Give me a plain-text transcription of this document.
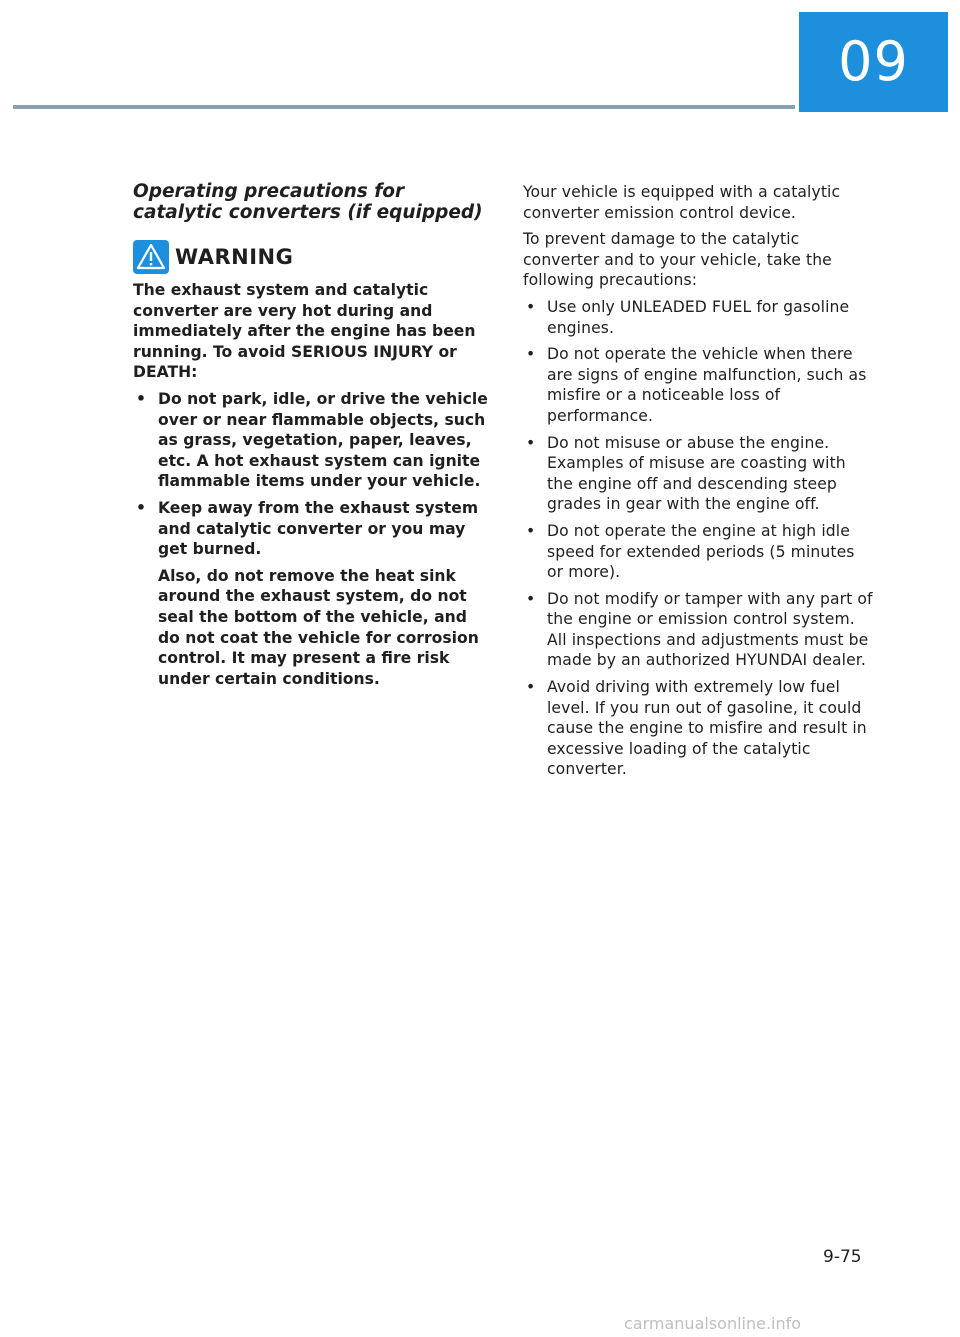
09
Operating precautions for catalytic converters (if equipped)
WARNING

The exhaust system and catalytic converter are very hot during and immediately after the engine has been running. To avoid SERIOUS INJURY or DEATH:

• Do not park, idle, or drive the vehicle over or near flammable objects, such as grass, vegetation, paper, leaves, etc. A hot exhaust system can ignite flammable items under your vehicle.
• Keep away from the exhaust system and catalytic converter or you may get burned.
Also, do not remove the heat sink around the exhaust system, do not seal the bottom of the vehicle, and do not coat the vehicle for corrosion control. It may present a fire risk under certain conditions.

Your vehicle is equipped with a catalytic converter emission control device.

To prevent damage to the catalytic converter and to your vehicle, take the following precautions:

• Use only UNLEADED FUEL for gasoline engines.
• Do not operate the vehicle when there are signs of engine malfunction, such as misfire or a noticeable loss of performance.
• Do not misuse or abuse the engine. Examples of misuse are coasting with the engine off and descending steep grades in gear with the engine off.
• Do not operate the engine at high idle speed for extended periods (5 minutes or more).
• Do not modify or tamper with any part of the engine or emission control system. All inspections and adjustments must be made by an authorized HYUNDAI dealer.
• Avoid driving with extremely low fuel level. If you run out of gasoline, it could cause the engine to misfire and result in excessive loading of the catalytic converter.
9-75
carmanualsonline.info
